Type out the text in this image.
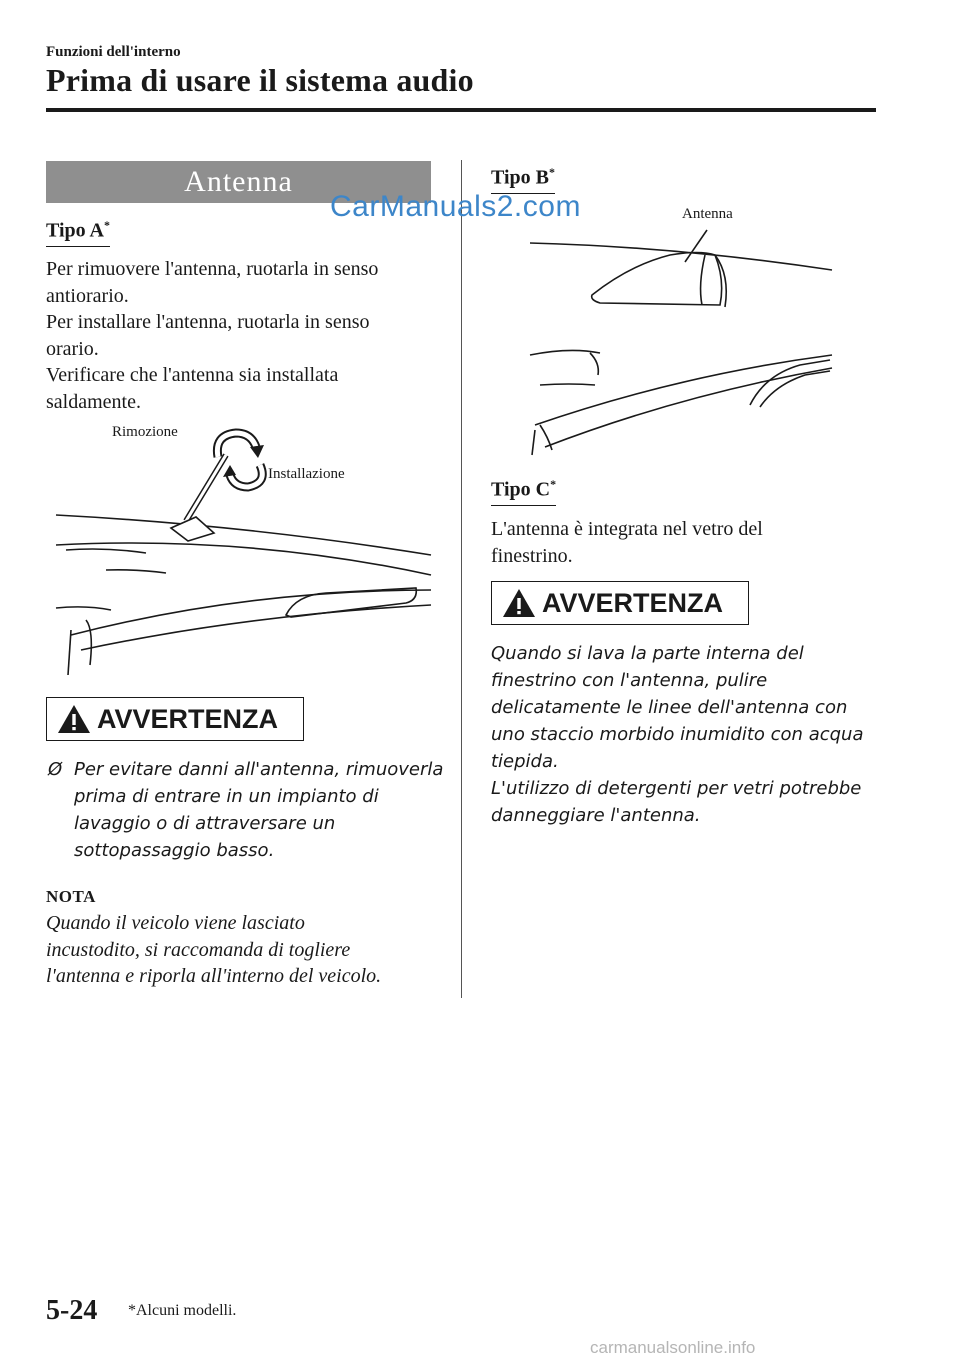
Funzioni dell'interno
Prima di usare il sistema audio
Antenna
CarManuals2.com
Tipo A*
Per rimuovere l'antenna, ruotarla in senso
antiorario.
Per installare l'antenna, ruotarla in senso
orario.
Verificare che l'antenna sia installata
saldamente.
Rimozione
Installazione
AVVERTENZA
Ø Per evitare danni all'antenna, rimuoverla
prima di entrare in un impianto di
lavaggio o di attraversare un
sottopassaggio basso.
NOTA
Quando il veicolo viene lasciato
incustodito, si raccomanda di togliere
l'antenna e riporla all'interno del veicolo.
Tipo B*
Antenna
Tipo C*
L'antenna è integrata nel vetro del
finestrino.
AVVERTENZA
Quando si lava la parte interna del
finestrino con l'antenna, pulire
delicatamente le linee dell'antenna con
uno staccio morbido inumidito con acqua
tiepida.
L'utilizzo di detergenti per vetri potrebbe
danneggiare l'antenna.
5-24 *Alcuni modelli.
carmanualsonline.info
